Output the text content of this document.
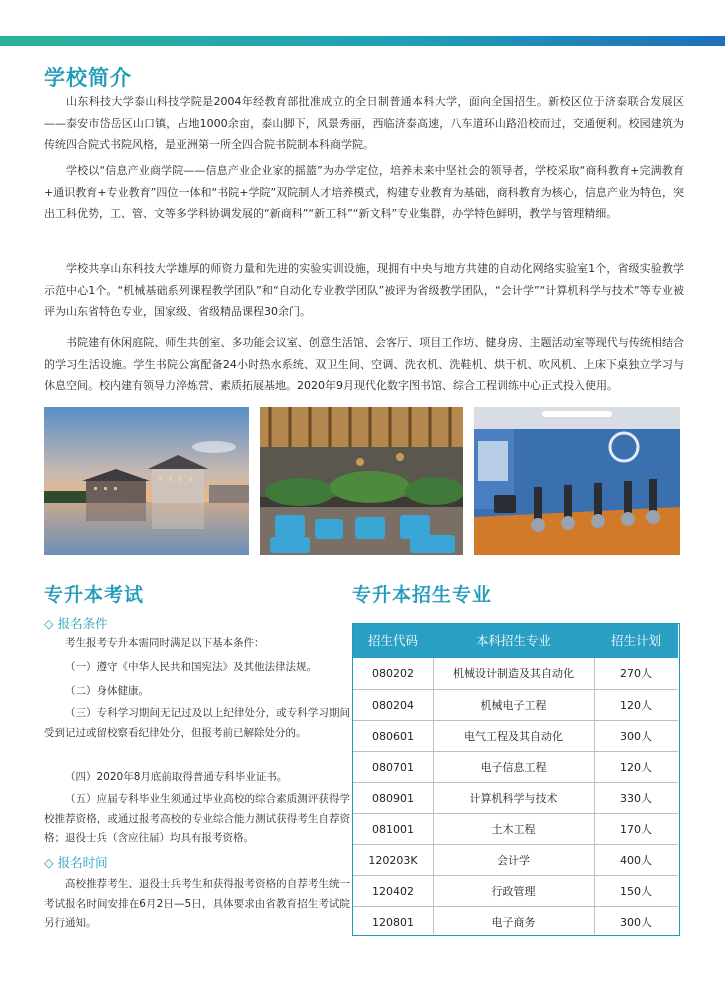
学校简介

山东科技大学泰山科技学院是2004年经教育部批准成立的全日制普通本科大学，面向全国招生。新校区位于济泰联合发展区——泰安市岱岳区山口镇，占地1000余亩，泰山脚下，风景秀丽，西临济泰高速，八车道环山路沿校而过，交通便利。校园建筑为传统四合院式书院风格，是亚洲第一所全四合院书院制本科商学院。

学校以“信息产业商学院——信息产业企业家的摇篮”为办学定位，培养未来中坚社会的领导者，学校采取“商科教育+完满教育+通识教育+专业教育”四位一体和“书院+学院”双院制人才培养模式，构建专业教育为基础，商科教育为核心，信息产业为特色，突出工科优势，工、管、文等多学科协调发展的“新商科”“新工科”“新文科”专业集群，办学特色鲜明，教学与管理精细。

学校共享山东科技大学雄厚的师资力量和先进的实验实训设施，现拥有中央与地方共建的自动化网络实验室1个，省级实验教学示范中心1个。“机械基础系列课程教学团队”和“自动化专业教学团队”被评为省级教学团队，“会计学”“计算机科学与技术”等专业被评为山东省特色专业，国家级、省级精品课程30余门。

书院建有休闲庭院、师生共创室、多功能会议室、创意生活馆、会客厅、项目工作坊、健身房、主题活动室等现代与传统相结合的学习生活设施。学生书院公寓配备24小时热水系统、双卫生间、空调、洗衣机、洗鞋机、烘干机、吹风机、上床下桌独立学习与休息空间。校内建有领导力淬炼营、素质拓展基地。2020年9月现代化数字图书馆、综合工程训练中心正式投入使用。

专升本考试
◇ 报名条件

考生报考专升本需同时满足以下基本条件：

（一）遵守《中华人民共和国宪法》及其他法律法规。

（二）身体健康。

（三）专科学习期间无记过及以上纪律处分，或专科学习期间受到记过或留校察看纪律处分，但报考前已解除处分的。

（四）2020年8月底前取得普通专科毕业证书。

（五）应届专科毕业生须通过毕业高校的综合素质测评获得学校推荐资格，或通过报考高校的专业综合能力测试获得考生自荐资格；退役士兵（含应往届）均具有报考资格。

◇ 报名时间

高校推荐考生、退役士兵考生和获得报考资格的自荐考生统一考试报名时间安排在6月2日—5日，具体要求由省教育招生考试院另行通知。

专升本招生专业
招生代码	本科招生专业	招生计划
080202	机械设计制造及其自动化	270人
080204	机械电子工程	120人
080601	电气工程及其自动化	300人
080701	电子信息工程	120人
080901	计算机科学与技术	330人
081001	土木工程	170人
120203K	会计学	400人
120402	行政管理	150人
120801	电子商务	300人
